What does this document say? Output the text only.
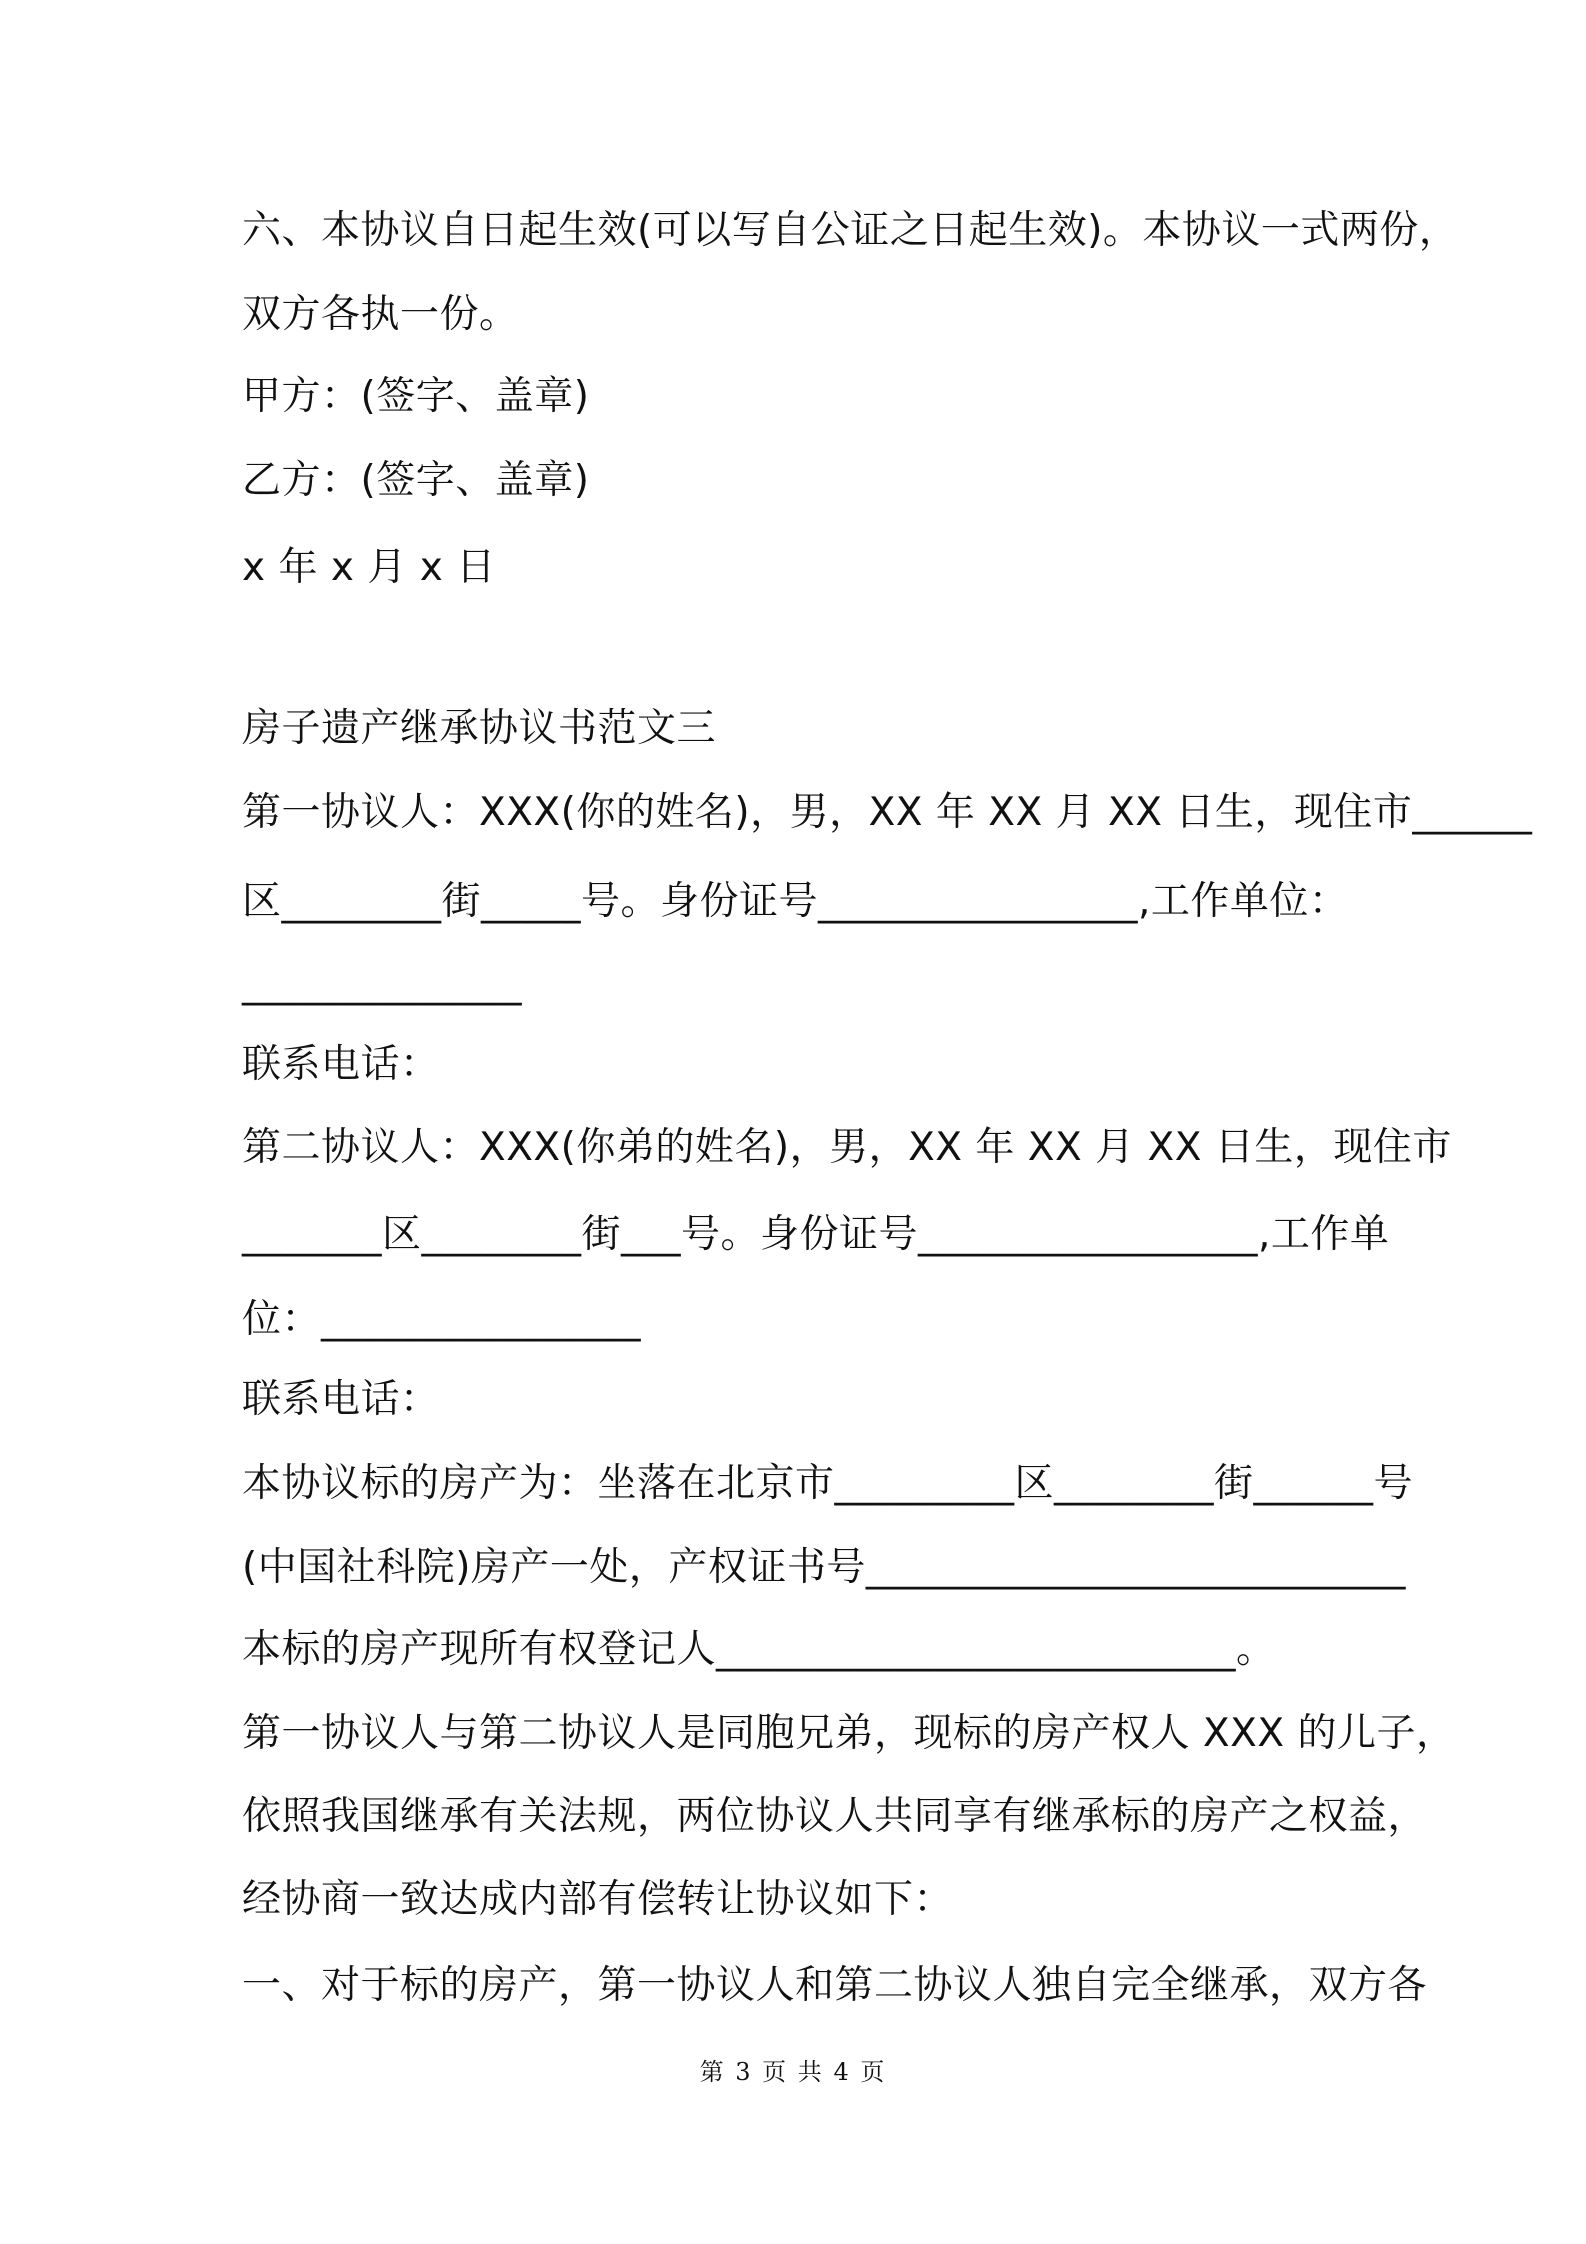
六、本协议自日起生效(可以写自公证之日起生效)。本协议一式两份，
双方各执一份。
甲方：(签字、盖章)
乙方：(签字、盖章)
x 年 x 月 x 日
房子遗产继承协议书范文三
第一协议人：XXX(你的姓名)，男，XX 年 XX 月 XX 日生，现住市______
区________街_____号。身份证号________________,工作单位：
______________
联系电话：
第二协议人：XXX(你弟的姓名)，男，XX 年 XX 月 XX 日生，现住市
_______区________街___号。身份证号_________________,工作单
位：________________
联系电话：
本协议标的房产为：坐落在北京市_________区________街______号
(中国社科院)房产一处，产权证书号___________________________
本标的房产现所有权登记人__________________________。
第一协议人与第二协议人是同胞兄弟，现标的房产权人 XXX 的儿子，
依照我国继承有关法规，两位协议人共同享有继承标的房产之权益，
经协商一致达成内部有偿转让协议如下：
一、对于标的房产，第一协议人和第二协议人独自完全继承，双方各
第 3 页 共 4 页
